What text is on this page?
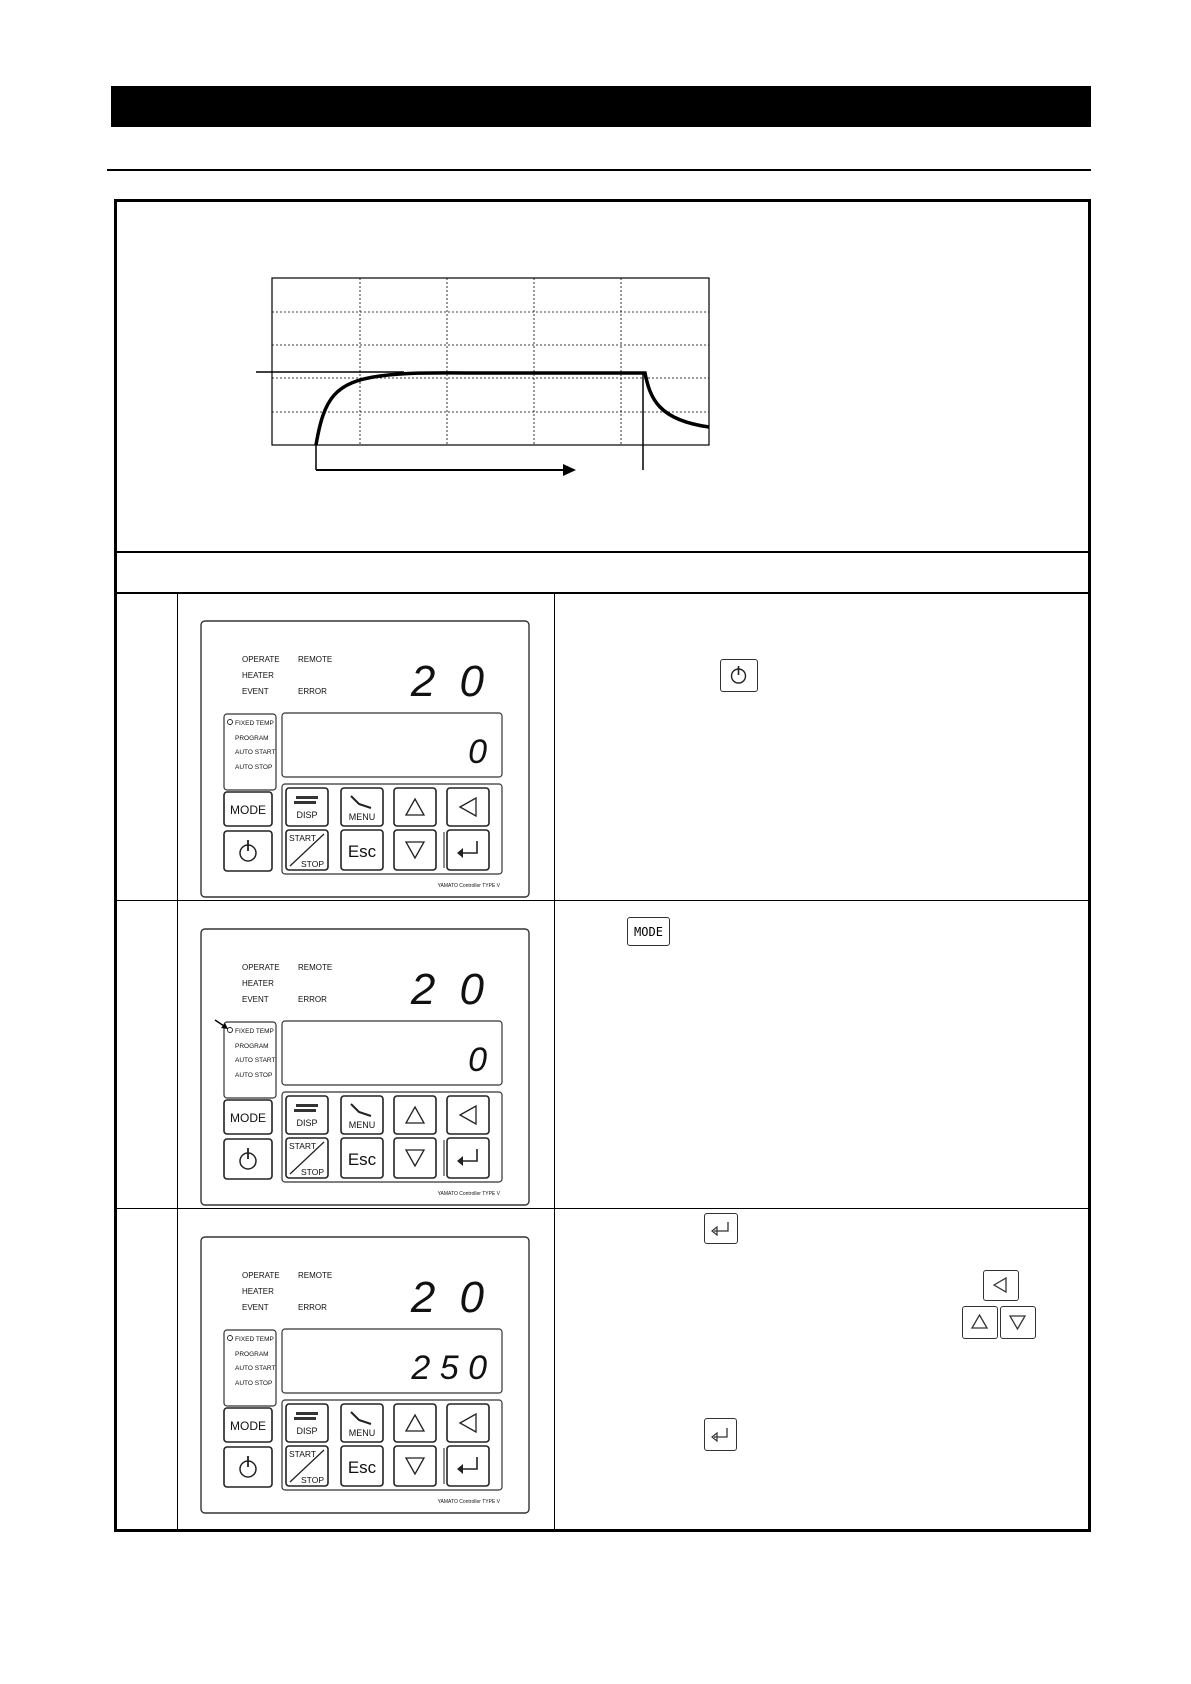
OPERATE REMOTE
HEATER
EVENT	ERROR 2 0
FIXED TEMP
PROGRAM
AUTO START
AUTO STOP	0
MODE	DISP	MENU
START
STOP
Esc
YAMATO Controller TYPE V
OPERATE REMOTE
HEATER
EVENT	ERROR 2 0
FIXED TEMP
PROGRAM
AUTO START
AUTO STOP	0
MODE	DISP	MENU
START
STOP
Esc
YAMATO Controller TYPE V
OPERATE REMOTE
HEATER
EVENT	ERROR 2 0
FIXED TEMP
PROGRAM
AUTO START
AUTO STOP	2 5 0
MODE	DISP	MENU
START
STOP
Esc
YAMATO Controller TYPE V
MODE
